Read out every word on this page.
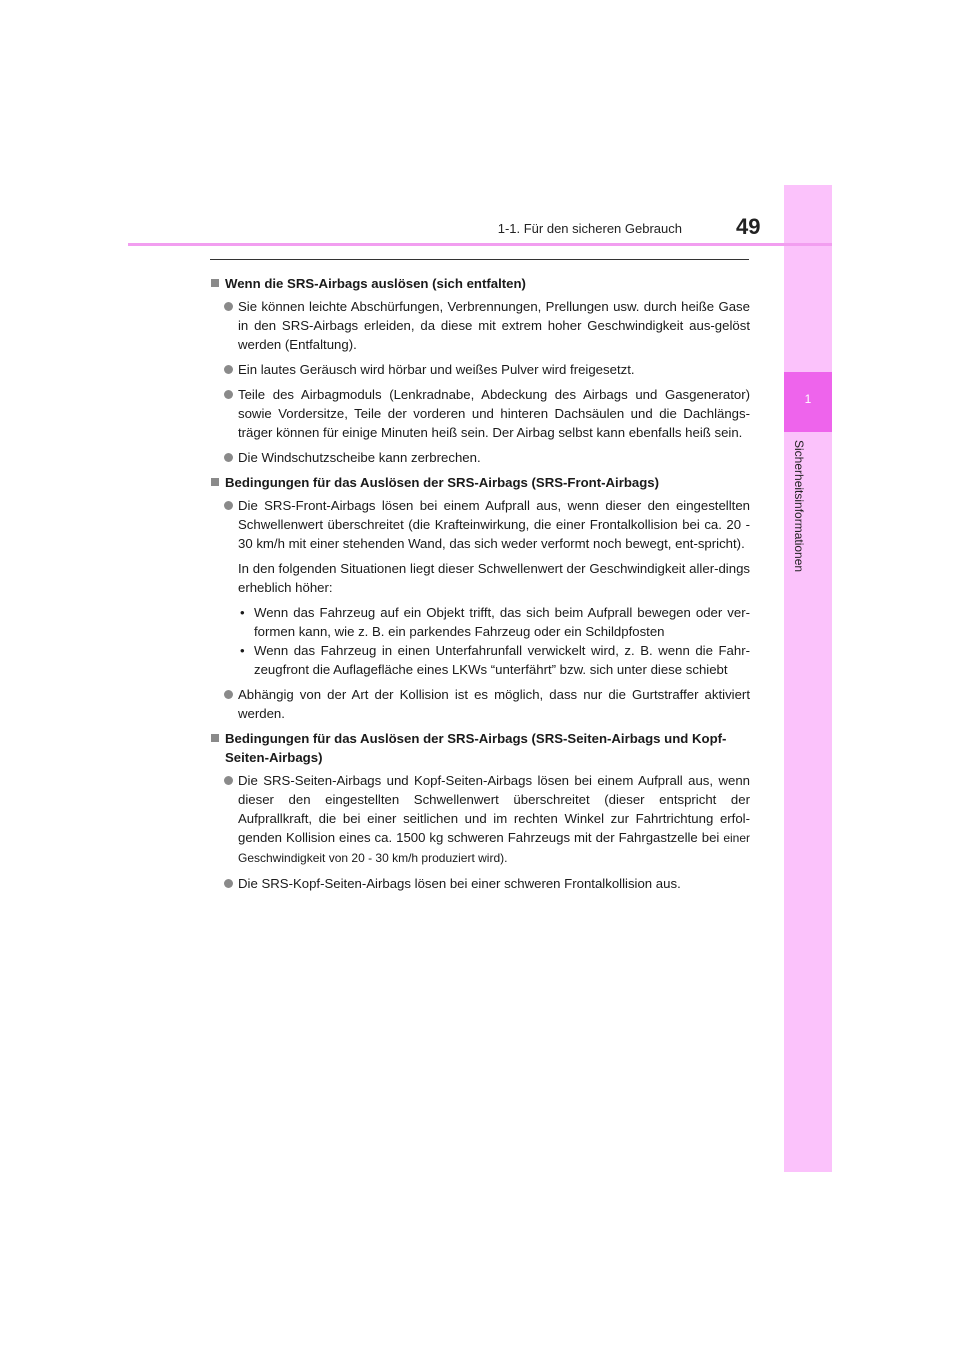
1
Sicherheitsinformationen
1-1. Für den sicheren Gebrauch 49
Wenn die SRS-Airbags auslösen (sich entfalten)
Sie können leichte Abschürfungen, Verbrennungen, Prellungen usw. durch heiße Gase in den SRS-Airbags erleiden, da diese mit extrem hoher Geschwindigkeit aus-gelöst werden (Entfaltung).
Ein lautes Geräusch wird hörbar und weißes Pulver wird freigesetzt.
Teile des Airbagmoduls (Lenkradnabe, Abdeckung des Airbags und Gasgenerator) sowie Vordersitze, Teile der vorderen und hinteren Dachsäulen und die Dachlängs-träger können für einige Minuten heiß sein. Der Airbag selbst kann ebenfalls heiß sein.
Die Windschutzscheibe kann zerbrechen.
Bedingungen für das Auslösen der SRS-Airbags (SRS-Front-Airbags)
Die SRS-Front-Airbags lösen bei einem Aufprall aus, wenn dieser den eingestellten Schwellenwert überschreitet (die Krafteinwirkung, die einer Frontalkollision bei ca. 20 - 30 km/h mit einer stehenden Wand, das sich weder verformt noch bewegt, ent-spricht).
In den folgenden Situationen liegt dieser Schwellenwert der Geschwindigkeit aller-dings erheblich höher:
• Wenn das Fahrzeug auf ein Objekt trifft, das sich beim Aufprall bewegen oder ver-formen kann, wie z. B. ein parkendes Fahrzeug oder ein Schildpfosten
• Wenn das Fahrzeug in einen Unterfahrunfall verwickelt wird, z. B. wenn die Fahr-zeugfront die Auflagefläche eines LKWs “unterfährt” bzw. sich unter diese schiebt
Abhängig von der Art der Kollision ist es möglich, dass nur die Gurtstraffer aktiviert werden.
Bedingungen für das Auslösen der SRS-Airbags (SRS-Seiten-Airbags und Kopf-Seiten-Airbags)
Die SRS-Seiten-Airbags und Kopf-Seiten-Airbags lösen bei einem Aufprall aus, wenn dieser den eingestellten Schwellenwert überschreitet (dieser entspricht der Aufprallkraft, die bei einer seitlichen und im rechten Winkel zur Fahrtrichtung erfol-genden Kollision eines ca. 1500 kg schweren Fahrzeugs mit der Fahrgastzelle bei einer Geschwindigkeit von 20 - 30 km/h produziert wird).
Die SRS-Kopf-Seiten-Airbags lösen bei einer schweren Frontalkollision aus.
